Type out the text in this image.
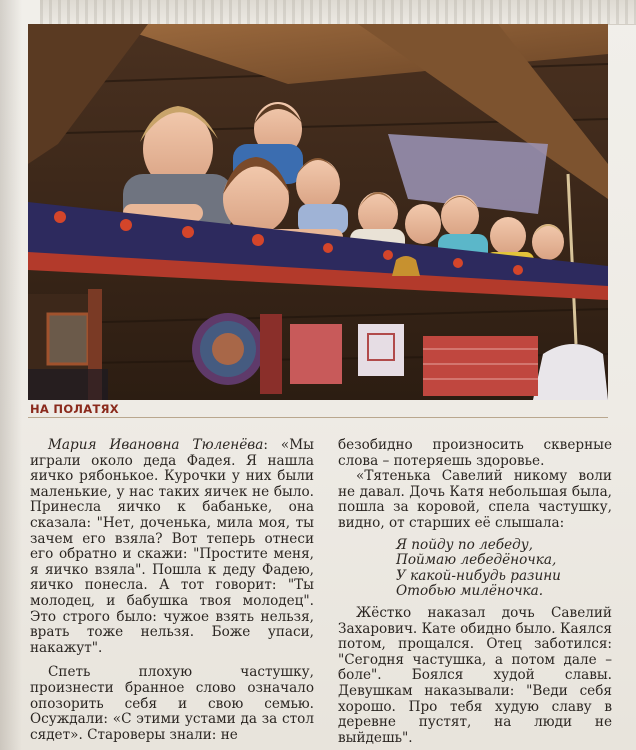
НА ПОЛАТЯХ

Мария Ивановна Тюленёва: «Мы играли около деда Фадея. Я нашла яичко рябонькое. Курочки у них были маленькие, у нас таких яичек не было. Принесла яичко к бабаньке, она сказала: "Нет, доченька, мила моя, ты зачем его взяла? Вот теперь отнеси его обратно и скажи: "Простите меня, я яичко взяла". Пошла к деду Фадею, яичко понесла. А тот говорит: "Ты молодец, и бабушка твоя молодец". Это строго было: чужое взять нельзя, врать тоже нельзя. Боже упаси, накажут".

Спеть плохую частушку, произнести бранное слово означало опозорить себя и свою семью. Осуждали: «С этими устами да за стол сядет». Староверы знали: не

безобидно произносить скверные слова – потеряешь здоровье.

«Тятенька Савелий никому воли не давал. Дочь Катя небольшая была, пошла за коровой, спела частушку, видно, от старших её слышала:

Я пойду по лебеду,
Поймаю лебедёночка,
У какой-нибудь разини
Отобью милёночка.

Жёстко наказал дочь Савелий Захарович. Кате обидно было. Каялся потом, прощался. Отец заботился: "Сегодня частушка, а потом дале – боле". Боялся худой славы. Девушкам наказывали: "Веди себя хорошо. Про тебя худую славу в деревне пустят, на люди не выйдешь".
